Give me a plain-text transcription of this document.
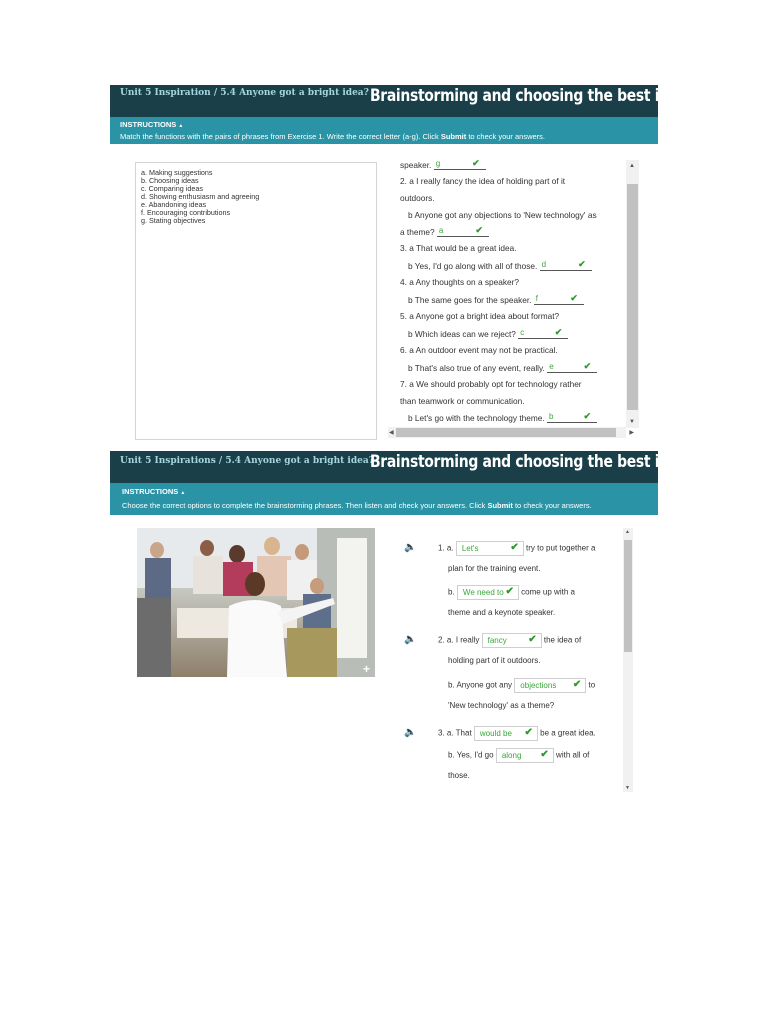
Unit 5 Inspiration / 5.4 Anyone got a bright idea? Brainstorming and choosing the best i...
INSTRUCTIONS ▲
Match the functions with the pairs of phrases from Exercise 1. Write the correct letter (a-g). Click Submit to check your answers.
a. Making suggestions
b. Choosing ideas
c. Comparing ideas
d. Showing enthusiasm and agreeing
e. Abandoning ideas
f. Encouraging contributions
g. Stating objectives
speaker. g	✔
2. a I really fancy the idea of holding part of it
outdoors.
b Anyone got any objections to 'New technology' as
a theme? a	✔
3. a That would be a great idea.
b Yes, I'd go along with all of those. d	✔
4. a Any thoughts on a speaker?
b The same goes for the speaker. f	✔
5. a Anyone got a bright idea about format?
b Which ideas can we reject? c	✔
6. a An outdoor event may not be practical.
b That's also true of any event, really. e	✔
7. a We should probably opt for technology rather
than teamwork or communication.
b Let's go with the technology theme. b	✔
▲
▼
◀	▶
Unit 5 Inspirations / 5.4 Anyone got a bright idea?
Brainstorming and choosing the best i...
INSTRUCTIONS ▲
Choose the correct options to complete the brainstorming phrases. Then listen and check your answers. Click Submit to check your answers.
+
🔈	1. a. Let's	✔ try to put together a
plan for the training event.
b. We need to ✔ come up with a
theme and a keynote speaker.
🔈	2. a. I really fancy ✔ the idea of
holding part of it outdoors.
b. Anyone got any objections ✔ to
'New technology' as a theme?
🔈	3. a. That would be ✔ be a great idea.
b. Yes, I'd go along ✔ with all of
those.
▲
▼
